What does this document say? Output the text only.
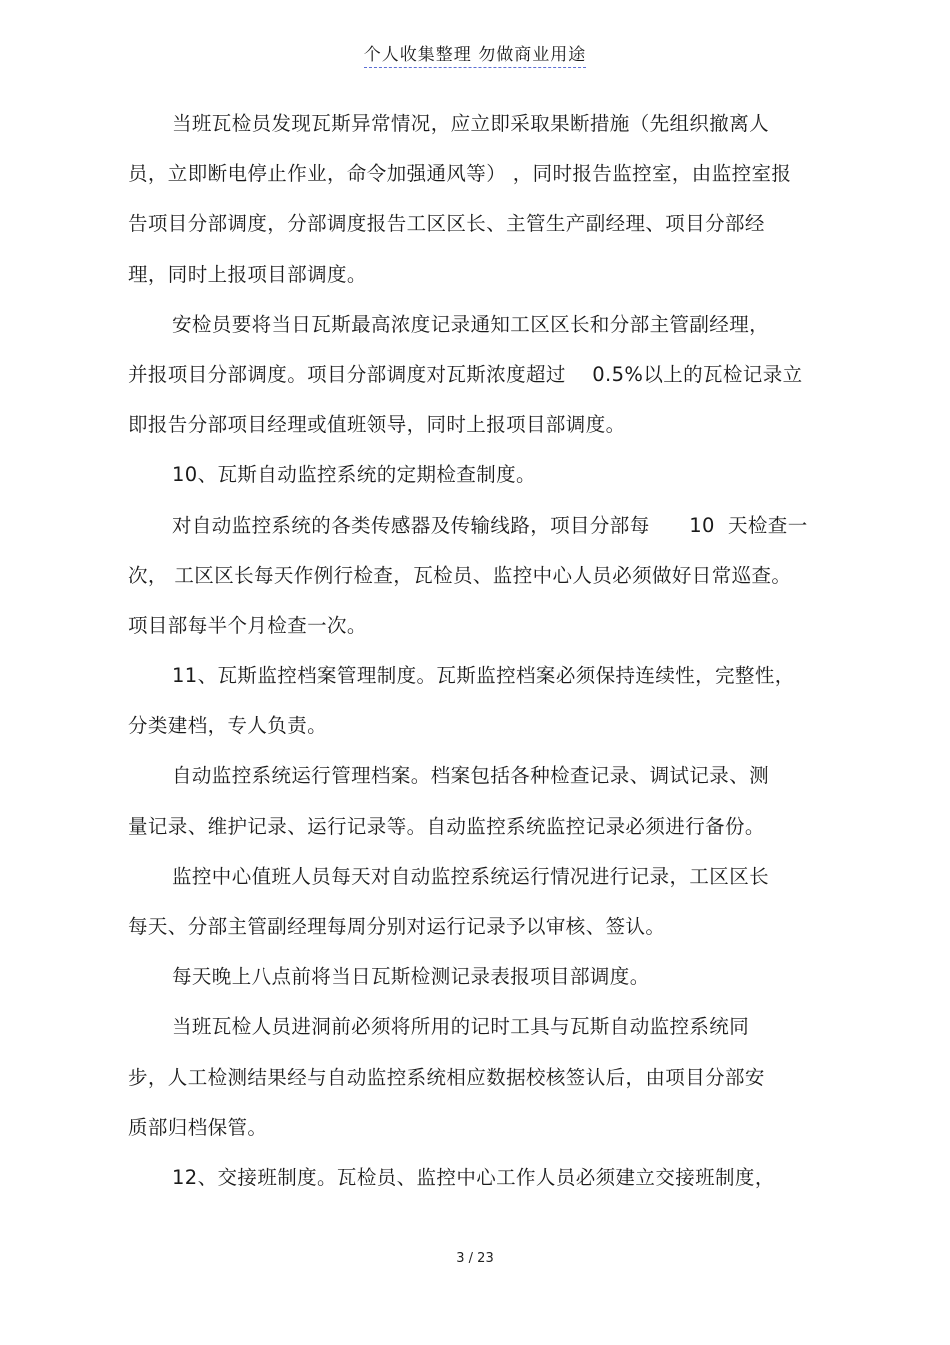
个人收集整理 勿做商业用途
当班瓦检员发现瓦斯异常情况，应立即采取果断措施（先组织撤离人
员，立即断电停止作业，命令加强通风等） ，同时报告监控室，由监控室报
告项目分部调度，分部调度报告工区区长、主管生产副经理、项目分部经
理，同时上报项目部调度。
安检员要将当日瓦斯最高浓度记录通知工区区长和分部主管副经理，
并报项目分部调度。项目分部调度对瓦斯浓度超过    0.5%以上的瓦检记录立
即报告分部项目经理或值班领导，同时上报项目部调度。
10、瓦斯自动监控系统的定期检查制度。
对自动监控系统的各类传感器及传输线路，项目分部每      10  天检查一
次， 工区区长每天作例行检查，瓦检员、监控中心人员必须做好日常巡查。
项目部每半个月检查一次。
11、瓦斯监控档案管理制度。瓦斯监控档案必须保持连续性，完整性，
分类建档，专人负责。
自动监控系统运行管理档案。档案包括各种检查记录、调试记录、测
量记录、维护记录、运行记录等。自动监控系统监控记录必须进行备份。
监控中心值班人员每天对自动监控系统运行情况进行记录，工区区长
每天、分部主管副经理每周分别对运行记录予以审核、签认。
每天晚上八点前将当日瓦斯检测记录表报项目部调度。
当班瓦检人员进洞前必须将所用的记时工具与瓦斯自动监控系统同
步，人工检测结果经与自动监控系统相应数据校核签认后，由项目分部安
质部归档保管。
12、交接班制度。瓦检员、监控中心工作人员必须建立交接班制度，
3 / 23
